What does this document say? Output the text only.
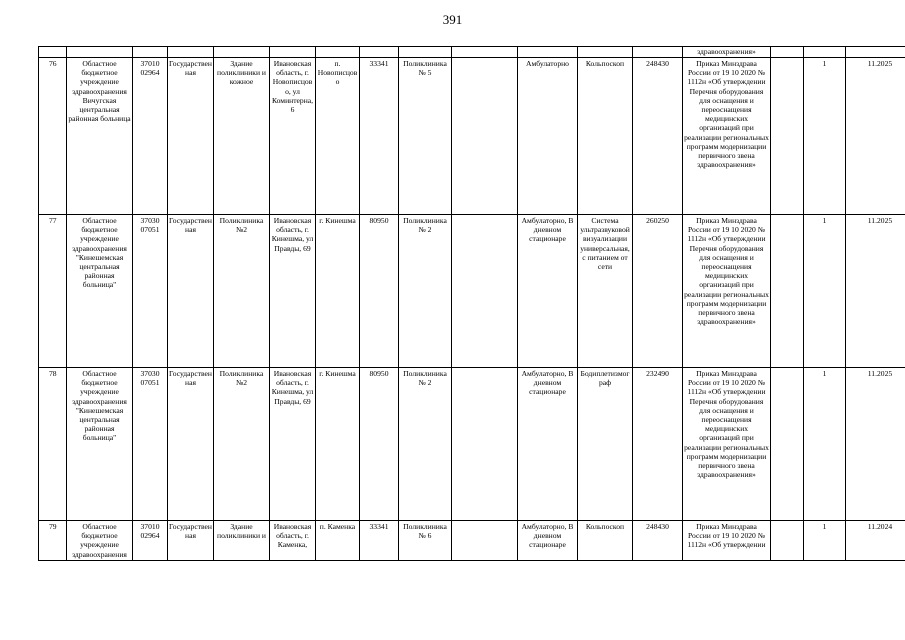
391
													здравоохранения»			
76	Областное бюджетное учреждение здравоохранения Вичугская центральная районная больница	37010 02964	Государственная	Здание поликлиники и кожное	Ивановская область, г. Новописцово, ул Коминтерна, 6	п. Новописцово	33341	Поликлиника № 5		Амбулаторно	Кольпоскоп	248430	Приказ Минздрава России от 19 10 2020 № 1112н «Об утверждении Перечня оборудования для оснащения и переоснащения медицинских организаций при реализации региональных программ модернизации первичного звена здравоохранения»		1	11.2025
77	Областное бюджетное учреждение здравоохранения "Кинешемская центральная районная больница"	37030 07051	Государственная	Поликлиника №2	Ивановская область, г. Кинешма, ул Правды, 69	г. Кинешма	80950	Поликлиника № 2		Амбулаторно, В дневном стационаре	Система ультразвуковой визуализации универсальная, с питанием от сети	260250	Приказ Минздрава России от 19 10 2020 № 1112н «Об утверждении Перечня оборудования для оснащения и переоснащения медицинских организаций при реализации региональных программ модернизации первичного звена здравоохранения»		1	11.2025
78	Областное бюджетное учреждение здравоохранения "Кинешемская центральная районная больница"	37030 07051	Государственная	Поликлиника №2	Ивановская область, г. Кинешма, ул Правды, 69	г. Кинешма	80950	Поликлиника № 2		Амбулаторно, В дневном стационаре	Бодиплетизмограф	232490	Приказ Минздрава России от 19 10 2020 № 1112н «Об утверждении Перечня оборудования для оснащения и переоснащения медицинских организаций при реализации региональных программ модернизации первичного звена здравоохранения»		1	11.2025
79	Областное бюджетное учреждение здравоохранения	37010 02964	Государственная	Здание поликлиники и	Ивановская область, г. Каменка,	п. Каменка	33341	Поликлиника № 6		Амбулаторно, В дневном стационаре	Кольпоскоп	248430	Приказ Минздрава России от 19 10 2020 № 1112н «Об утверждении		1	11.2024
